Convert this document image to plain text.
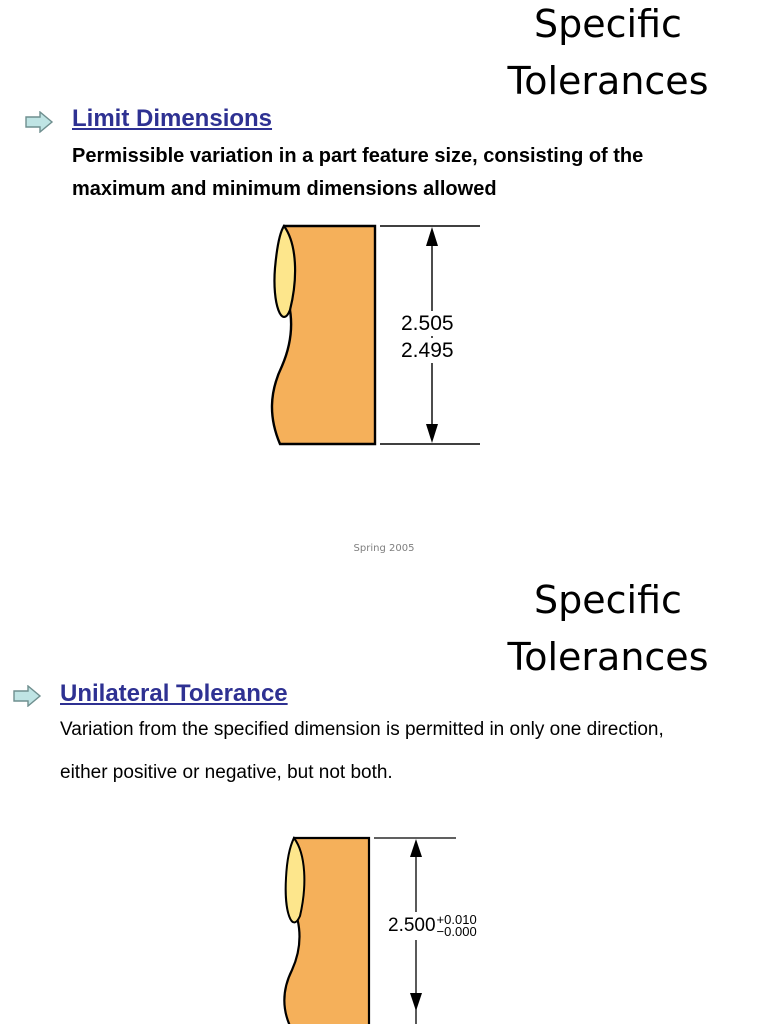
Specific
Tolerances
Limit Dimensions
Permissible variation in a part feature size, consisting of the
maximum and minimum dimensions allowed
2.505
2.495
Spring 2005
Specific
Tolerances
Unilateral Tolerance
Variation from the specified dimension is permitted in only one direction,
either positive or negative, but not both.
2.500 +0.010
−0.000
